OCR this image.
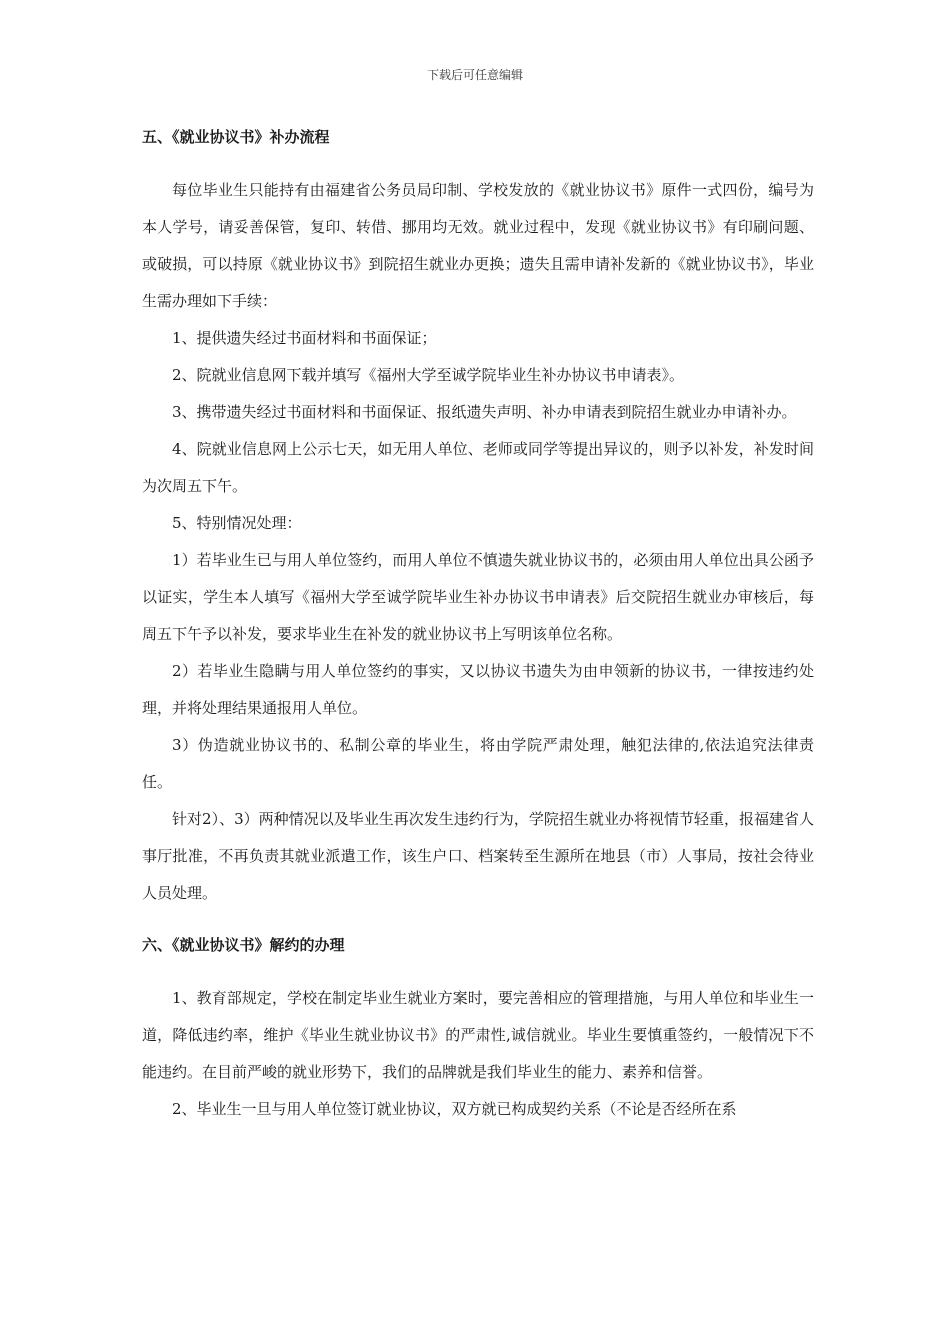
下载后可任意编辑
五、《就业协议书》补办流程

每位毕业生只能持有由福建省公务员局印制、学校发放的《就业协议书》原件一式四份，编号为本人学号，请妥善保管，复印、转借、挪用均无效。就业过程中，发现《就业协议书》有印刷问题、或破损，可以持原《就业协议书》到院招生就业办更换；遗失且需申请补发新的《就业协议书》，毕业生需办理如下手续：

1、提供遗失经过书面材料和书面保证；

2、院就业信息网下载并填写《福州大学至诚学院毕业生补办协议书申请表》。

3、携带遗失经过书面材料和书面保证、报纸遗失声明、补办申请表到院招生就业办申请补办。

4、院就业信息网上公示七天，如无用人单位、老师或同学等提出异议的，则予以补发，补发时间为次周五下午。

5、特别情况处理：

1）若毕业生已与用人单位签约，而用人单位不慎遗失就业协议书的，必须由用人单位出具公函予以证实，学生本人填写《福州大学至诚学院毕业生补办协议书申请表》后交院招生就业办审核后，每周五下午予以补发，要求毕业生在补发的就业协议书上写明该单位名称。

2）若毕业生隐瞒与用人单位签约的事实，又以协议书遗失为由申领新的协议书，一律按违约处理，并将处理结果通报用人单位。

3）伪造就业协议书的、私制公章的毕业生，将由学院严肃处理，触犯法律的,依法追究法律责任。

针对2）、3）两种情况以及毕业生再次发生违约行为，学院招生就业办将视情节轻重，报福建省人事厅批准，不再负责其就业派遣工作，该生户口、档案转至生源所在地县（市）人事局，按社会待业人员处理。

六、《就业协议书》解约的办理

1、教育部规定，学校在制定毕业生就业方案时，要完善相应的管理措施，与用人单位和毕业生一道，降低违约率，维护《毕业生就业协议书》的严肃性,诚信就业。毕业生要慎重签约，一般情况下不能违约。在目前严峻的就业形势下，我们的品牌就是我们毕业生的能力、素养和信誉。

2、毕业生一旦与用人单位签订就业协议，双方就已构成契约关系（不论是否经所在系
